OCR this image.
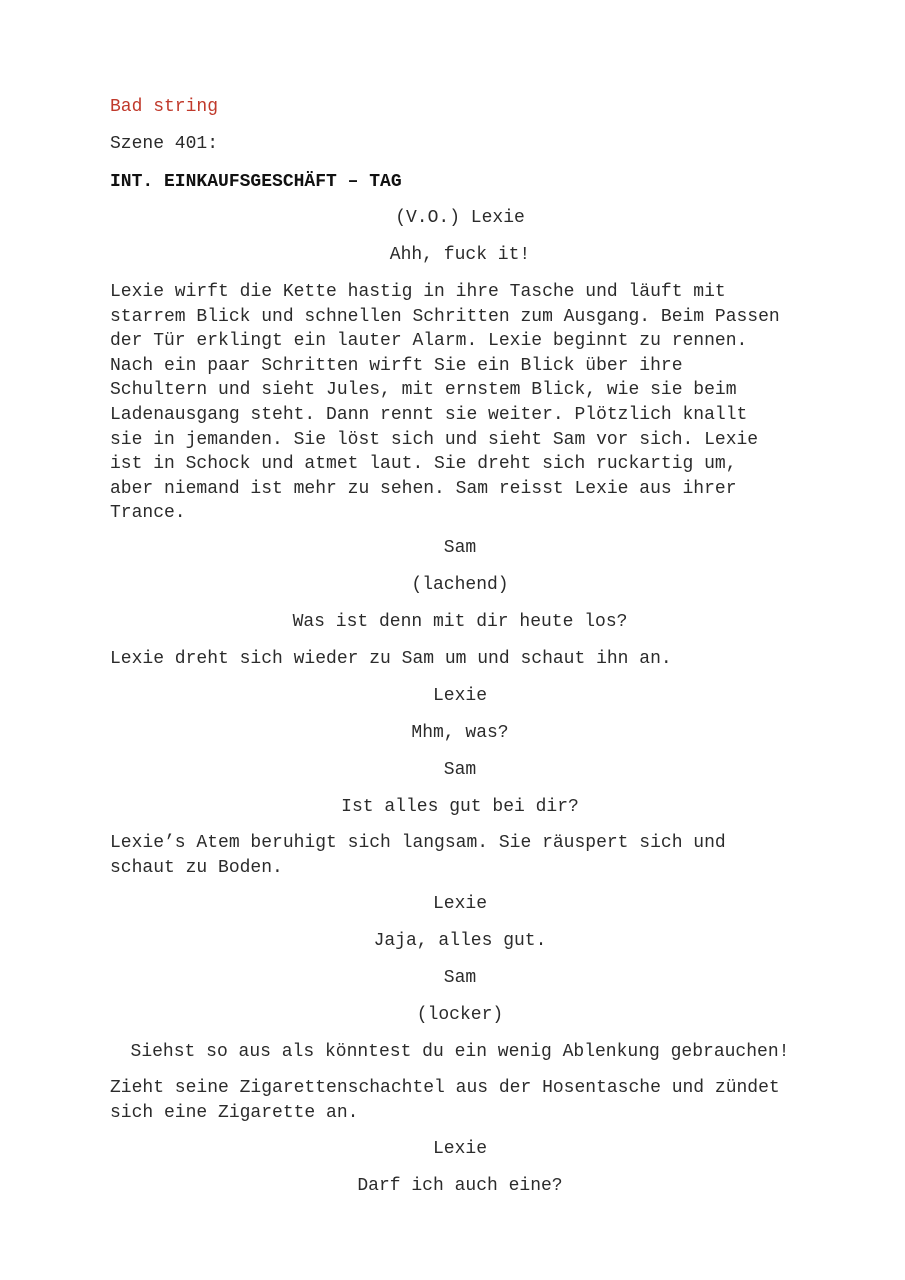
Bad string
Szene 401:
INT. EINKAUFSGESCHÄFT – TAG
(V.O.) Lexie
Ahh, fuck it!
Lexie wirft die Kette hastig in ihre Tasche und läuft mit
starrem Blick und schnellen Schritten zum Ausgang. Beim Passen
der Tür erklingt ein lauter Alarm. Lexie beginnt zu rennen.
Nach ein paar Schritten wirft Sie ein Blick über ihre
Schultern und sieht Jules, mit ernstem Blick, wie sie beim
Ladenausgang steht. Dann rennt sie weiter. Plötzlich knallt
sie in jemanden. Sie löst sich und sieht Sam vor sich. Lexie
ist in Schock und atmet laut. Sie dreht sich ruckartig um,
aber niemand ist mehr zu sehen. Sam reisst Lexie aus ihrer
Trance.
Sam
(lachend)
Was ist denn mit dir heute los?
Lexie dreht sich wieder zu Sam um und schaut ihn an.
Lexie
Mhm, was?
Sam
Ist alles gut bei dir?
Lexie’s Atem beruhigt sich langsam. Sie räuspert sich und
schaut zu Boden.
Lexie
Jaja, alles gut.
Sam
(locker)
Siehst so aus als könntest du ein wenig Ablenkung gebrauchen!
Zieht seine Zigarettenschachtel aus der Hosentasche und zündet
sich eine Zigarette an.
Lexie
Darf ich auch eine?
